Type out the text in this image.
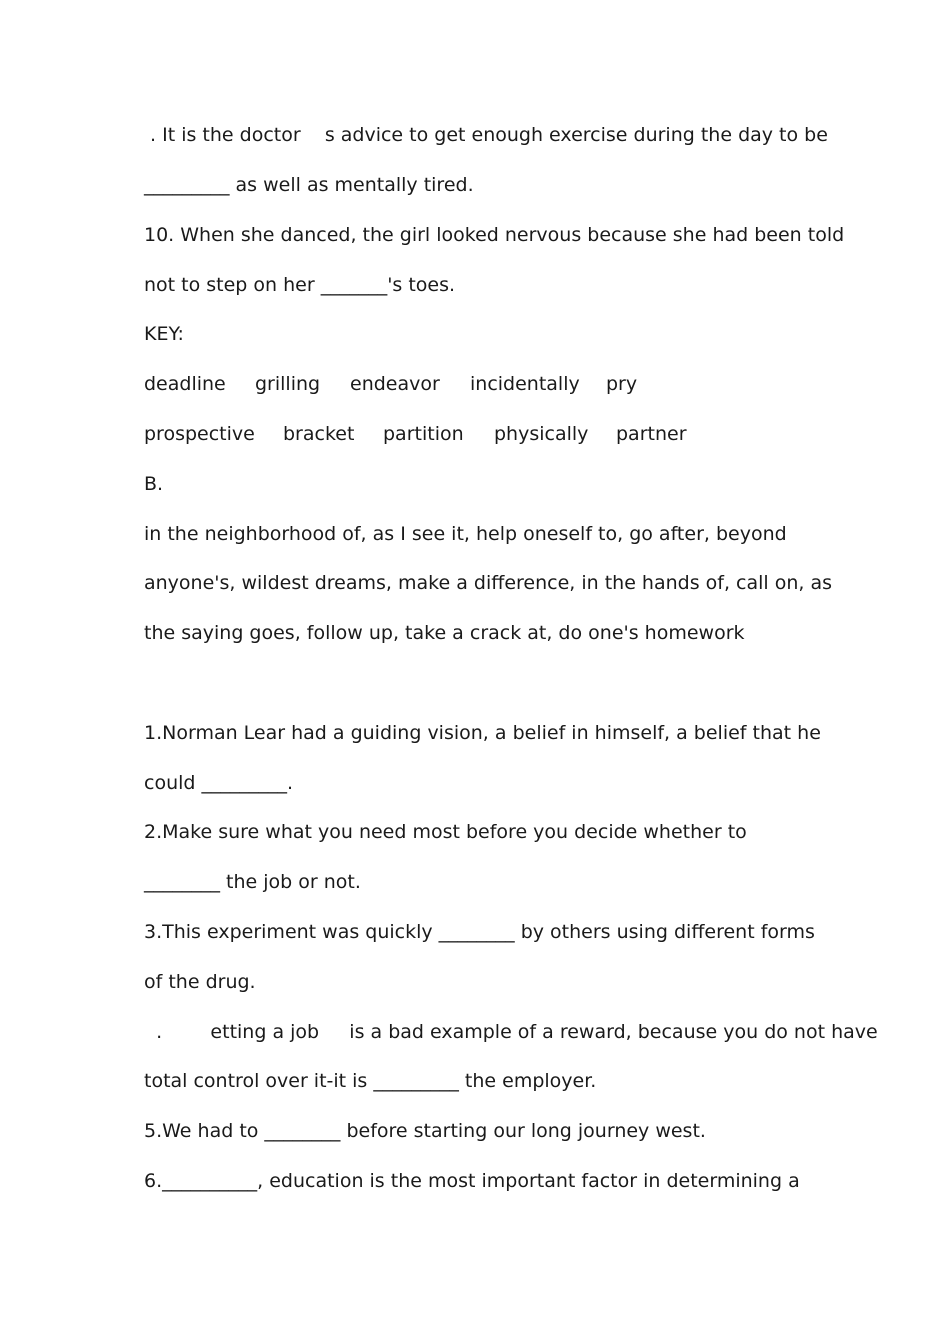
. It is the doctor    s advice to get enough exercise during the day to be
_________ as well as mentally tired.
10. When she danced, the girl looked nervous because she had been told
not to step on her _______'s toes.
KEY:
deadline grilling endeavor incidentally pry
prospective bracket partition physically partner
B.
in the neighborhood of, as I see it, help oneself to, go after, beyond
anyone's, wildest dreams, make a difference, in the hands of, call on, as
the saying goes, follow up, take a crack at, do one's homework
1.Norman Lear had a guiding vision, a belief in himself, a belief that he
could _________.
2.Make sure what you need most before you decide whether to
________ the job or not.
3.This experiment was quickly ________ by others using different forms
of the drug.
.        etting a job     is a bad example of a reward, because you do not have
total control over it-it is _________ the employer.
5.We had to ________ before starting our long journey west.
6.__________, education is the most important factor in determining a
